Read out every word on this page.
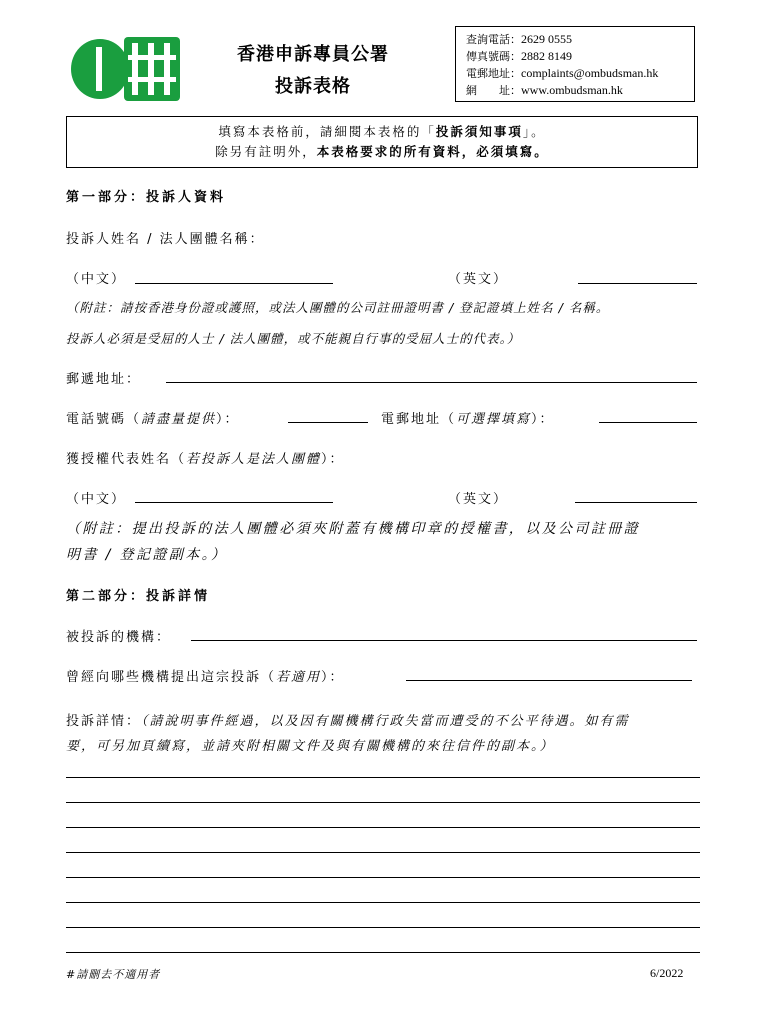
香港申訴專員公署
投訴表格
查詢電話：2629 0555
傳真號碼：2882 8149
電郵地址：complaints@ombudsman.hk
網　　址：www.ombudsman.hk
填寫本表格前，請細閱本表格的「投訴須知事項」。
除另有註明外，本表格要求的所有資料，必須填寫。
第一部分：投訴人資料
投訴人姓名 / 法人團體名稱：
（中文）	（英文）
（附註：請按香港身份證或護照，或法人團體的公司註冊證明書 / 登記證填上姓名 / 名稱。
投訴人必須是受屈的人士 / 法人團體，或不能親自行事的受屈人士的代表。）
郵遞地址：
電話號碼（請盡量提供）：	電郵地址（可選擇填寫）：
獲授權代表姓名（若投訴人是法人團體）：
（中文）	（英文）
（附註：提出投訴的法人團體必須夾附蓋有機構印章的授權書，以及公司註冊證
明書 / 登記證副本。）
第二部分：投訴詳情
被投訴的機構：
曾經向哪些機構提出這宗投訴（若適用）：
投訴詳情：（請說明事件經過，以及因有關機構行政失當而遭受的不公平待遇。如有需
要，可另加頁續寫，並請夾附相關文件及與有關機構的來往信件的副本。）
#請刪去不適用者	6/2022
